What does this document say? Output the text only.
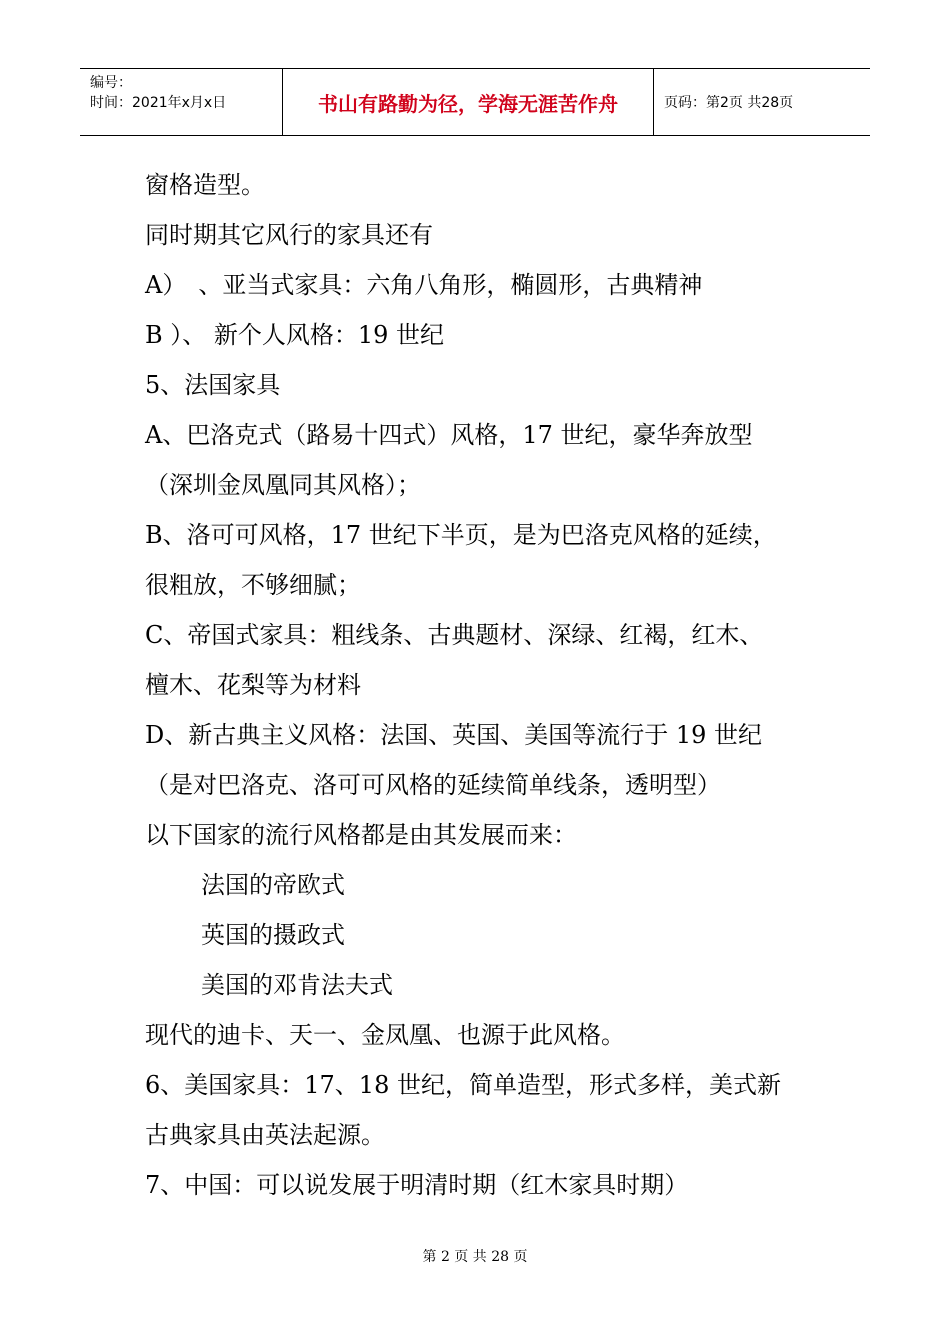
编号：
时间：2021年x月x日	书山有路勤为径，学海无涯苦作舟	页码：第2页 共28页
窗格造型。
同时期其它风行的家具还有
A）　、亚当式家具：六角八角形，椭圆形，古典精神
B ）、 新个人风格：19 世纪
5、法国家具
A、巴洛克式（路易十四式）风格，17 世纪，豪华奔放型
（深圳金凤凰同其风格）；
B、洛可可风格，17 世纪下半页，是为巴洛克风格的延续，
很粗放，不够细腻；
C、帝国式家具：粗线条、古典题材、深绿、红褐，红木、
檀木、花梨等为材料
D、新古典主义风格：法国、英国、美国等流行于 19 世纪
（是对巴洛克、洛可可风格的延续简单线条，透明型）
以下国家的流行风格都是由其发展而来：
法国的帝欧式
英国的摄政式
美国的邓肯法夫式
现代的迪卡、天一、金凤凰、也源于此风格。
6、美国家具：17、18 世纪，简单造型，形式多样，美式新
古典家具由英法起源。
7、中国：可以说发展于明清时期（红木家具时期）
第 2 页 共 28 页
